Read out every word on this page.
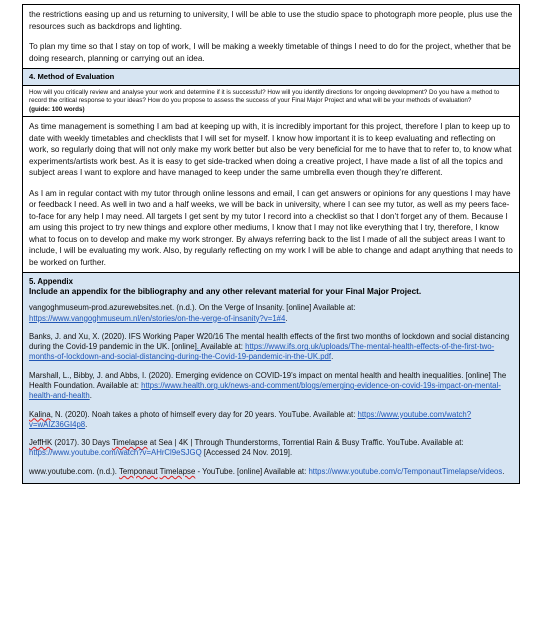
the restrictions easing up and us returning to university, I will be able to use the studio space to photograph more people, plus use the resources such as backdrops and lighting.

To plan my time so that I stay on top of work, I will be making a weekly timetable of things I need to do for the project, whether that be doing research, planning or carrying out an idea.

4. Method of Evaluation

How will you critically review and analyse your work and determine if it is successful? How will you identify directions for ongoing development? Do you have a method to record the critical response to your ideas? How do you propose to assess the success of your Final Major Project and what will be your methods of evaluation?

(guide: 100 words)

As time management is something I am bad at keeping up with, it is incredibly important for this project, therefore I plan to keep up to date with weekly timetables and checklists that I will set for myself. I know how important it is to keep evaluating and reflecting on work, so regularly doing that will not only make my work better but also be very beneficial for me to have that to refer to, to know what experiments/artists work best. As it is easy to get side-tracked when doing a creative project, I have made a list of all the topics and subject areas I want to explore and have managed to keep under the same umbrella even though they’re different.

As I am in regular contact with my tutor through online lessons and email, I can get answers or opinions for any questions I may have or feedback I need. As well in two and a half weeks, we will be back in university, where I can see my tutor, as well as my peers face-to-face for any help I may need. All targets I get sent by my tutor I record into a checklist so that I don’t forget any of them. Because I am using this project to try new things and explore other mediums, I know that I may not like everything that I try, therefore, I know what to focus on to develop and make my work stronger. By always referring back to the list I made of all the subject areas I want to include, I will be evaluating my work. Also, by regularly reflecting on my work I will be able to change and adapt anything that needs to be worked on further.

5. Appendix

Include an appendix for the bibliography and any other relevant material for your Final Major Project.

vangoghmuseum-prod.azurewebsites.net. (n.d.). On the Verge of Insanity. [online] Available at: https://www.vangoghmuseum.nl/en/stories/on-the-verge-of-insanity?v=1#4.

Banks, J. and Xu, X. (2020). IFS Working Paper W20/16 The mental health effects of the first two months of lockdown and social distancing during the Covid-19 pandemic in the UK. [online]. Available at: https://www.ifs.org.uk/uploads/The-mental-health-effects-of-the-first-two-months-of-lockdown-and-social-distancing-during-the-Covid-19-pandemic-in-the-UK.pdf.

Marshall, L., Bibby, J. and Abbs, I. (2020). Emerging evidence on COVID-19’s impact on mental health and health inequalities. [online] The Health Foundation. Available at: https://www.health.org.uk/news-and-comment/blogs/emerging-evidence-on-covid-19s-impact-on-mental-health-and-health.

Kalina, N. (2020). Noah takes a photo of himself every day for 20 years. YouTube. Available at: https://www.youtube.com/watch?v=wAIZ36GI4p8.

JeffHK (2017). 30 Days Timelapse at Sea | 4K | Through Thunderstorms, Torrential Rain & Busy Traffic. YouTube. Available at: https://www.youtube.com/watch?v=AHrCl9eSJGQ [Accessed 24 Nov. 2019].

www.youtube.com. (n.d.). Temponaut Timelapse - YouTube. [online] Available at: https://www.youtube.com/c/TemponautTimelapse/videos.
